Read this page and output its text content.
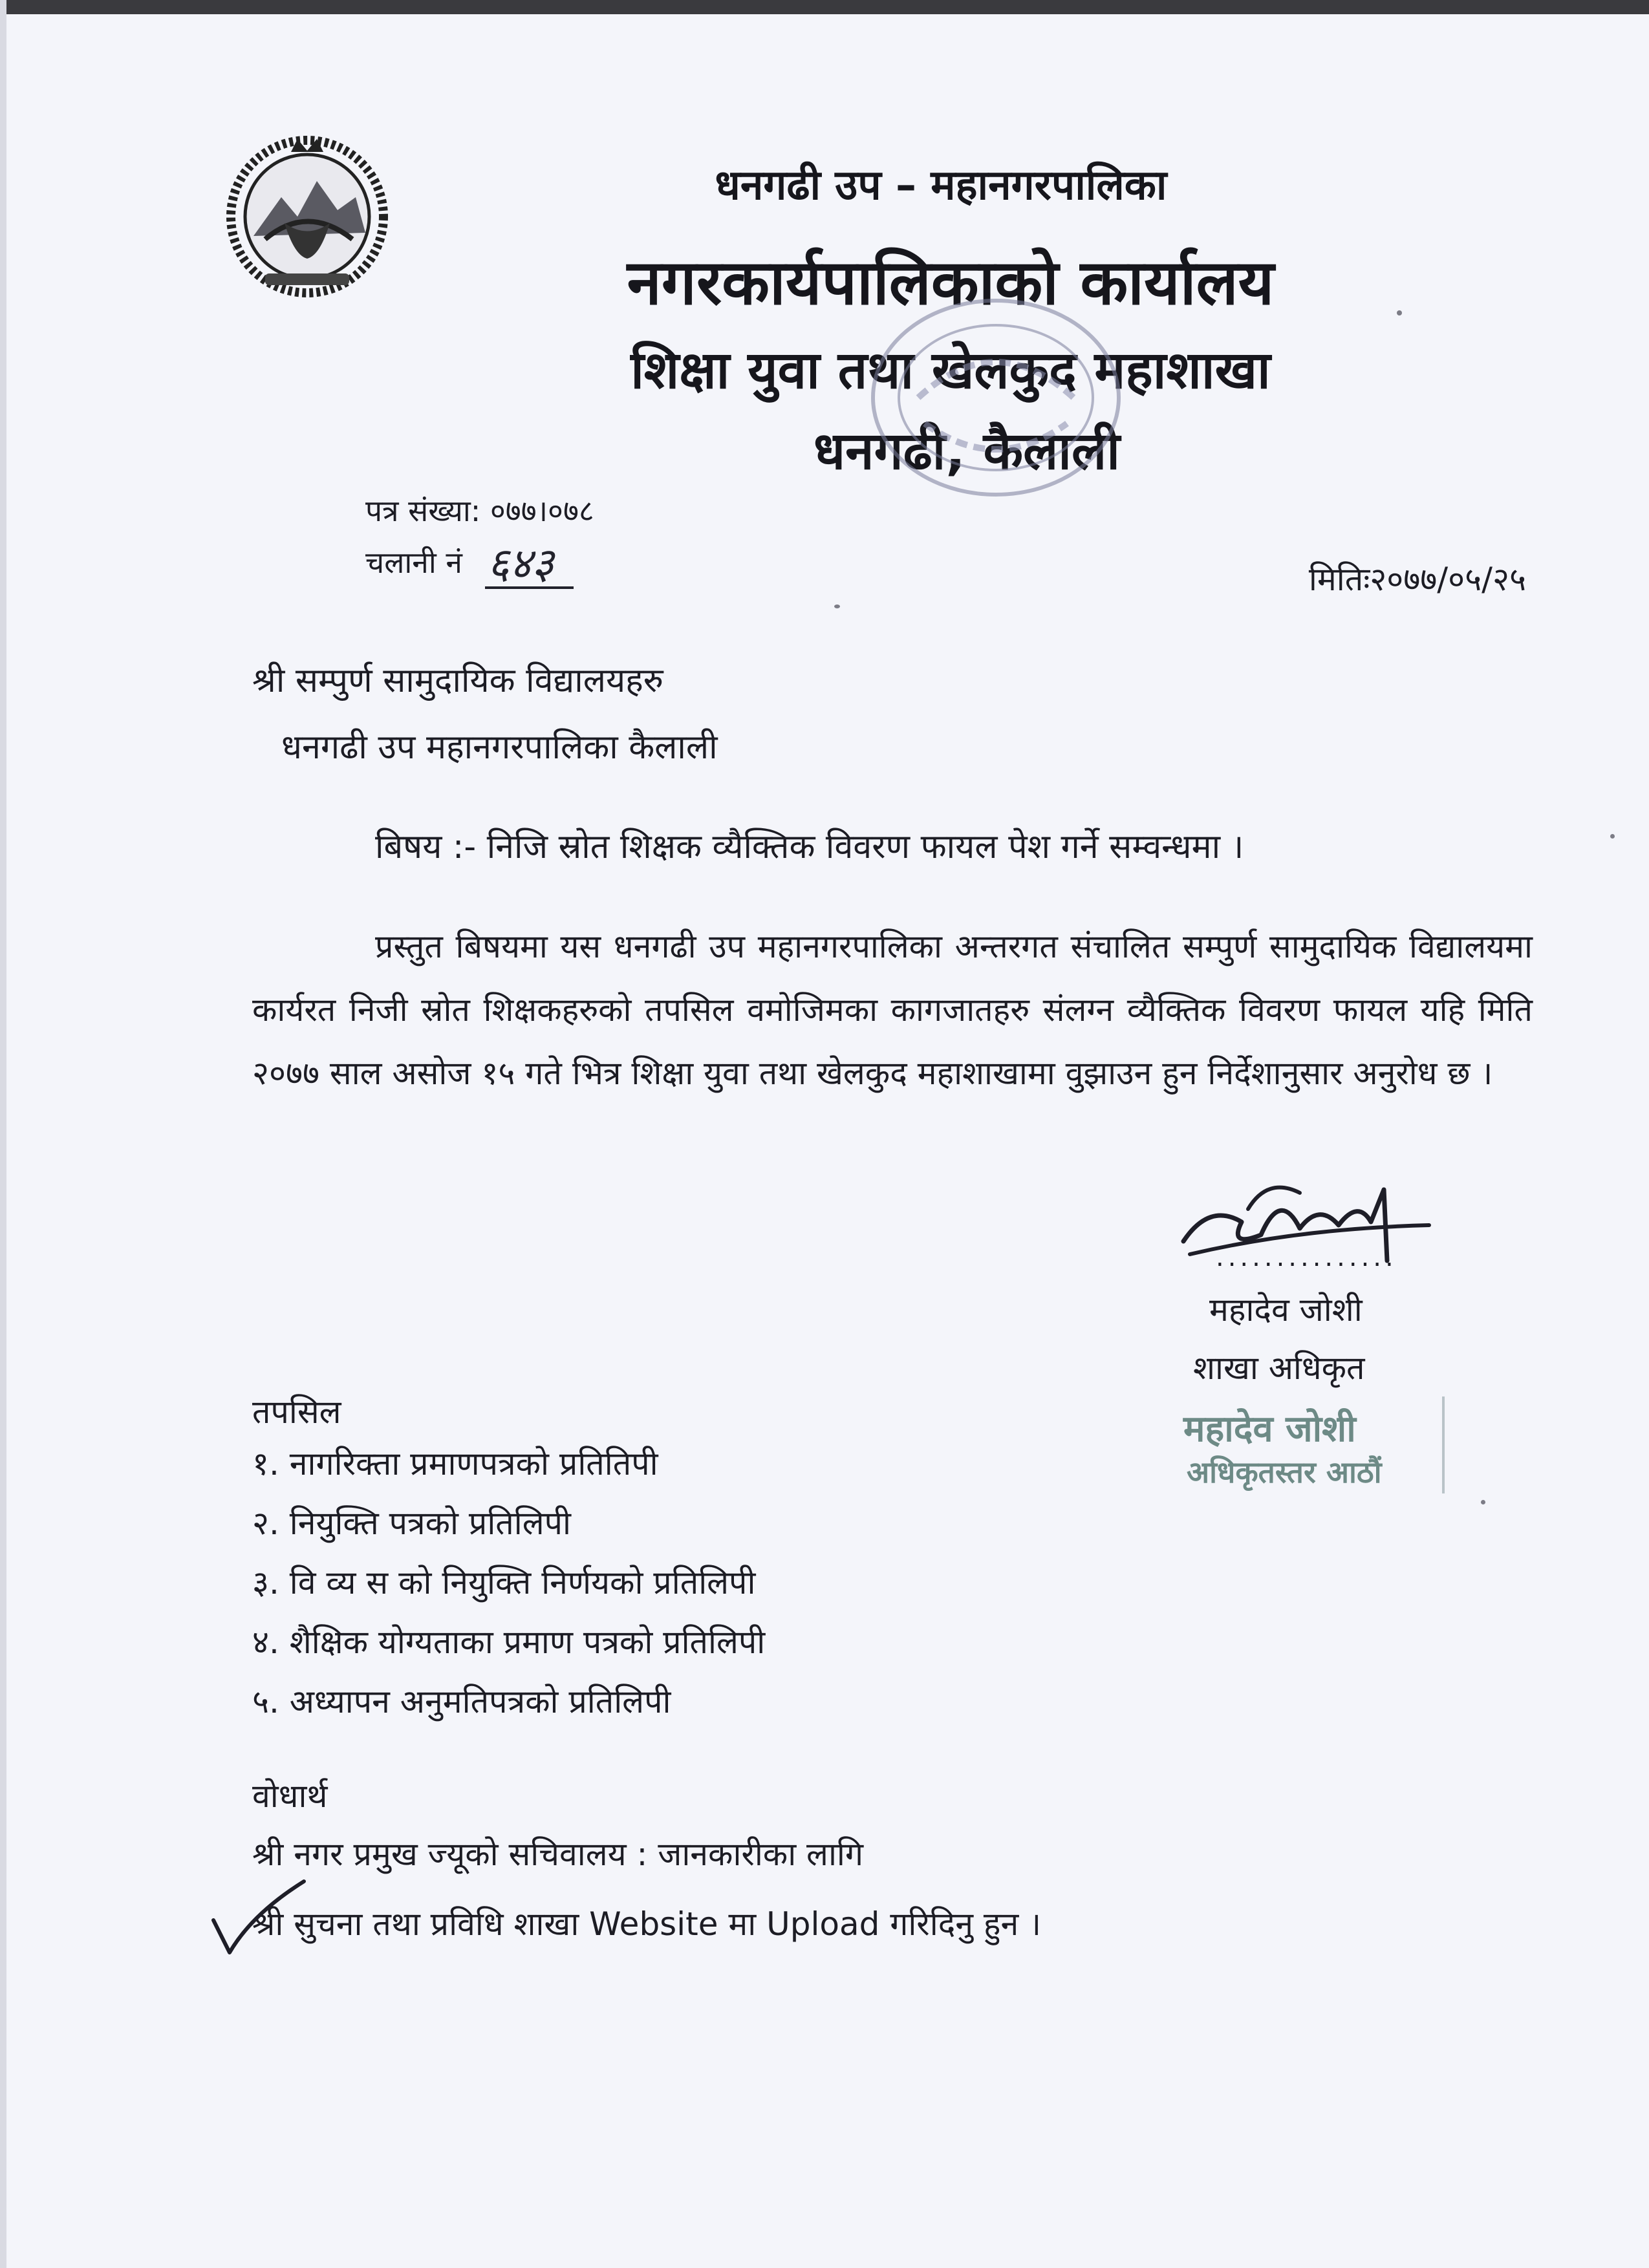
धनगढी उप – महानगरपालिका
नगरकार्यपालिकाको कार्यालय
शिक्षा युवा तथा खेलकुद महाशाखा
धनगढी, कैलाली
पत्र संख्या: ०७७।०७८
चलानी नं ६४३	मितिः२०७७/०५/२५
श्री सम्पुर्ण सामुदायिक विद्यालयहरु
धनगढी उप महानगरपालिका कैलाली
बिषय :- निजि स्रोत शिक्षक व्यैक्तिक विवरण फायल पेश गर्ने सम्वन्धमा ।
प्रस्तुत बिषयमा यस धनगढी उप महानगरपालिका अन्तरगत संचालित सम्पुर्ण सामुदायिक विद्यालयमा कार्यरत निजी स्रोत शिक्षकहरुको तपसिल वमोजिमका कागजातहरु संलग्न व्यैक्तिक विवरण फायल यहि मिति २०७७ साल असोज १५ गते भित्र शिक्षा युवा तथा खेलकुद महाशाखामा वुझाउन हुन निर्देशानुसार अनुरोध छ ।
...............
महादेव जोशी
शाखा अधिकृत
महादेव जोशी
अधिकृतस्तर आठौं
तपसिल
१. नागरिक्ता प्रमाणपत्रको प्रतितिपी
२. नियुक्ति पत्रको प्रतिलिपी
३. वि व्य स को नियुक्ति निर्णयको प्रतिलिपी
४. शैक्षिक योग्यताका प्रमाण पत्रको प्रतिलिपी
५. अध्यापन अनुमतिपत्रको प्रतिलिपी
वोधार्थ
श्री नगर प्रमुख ज्यूको सचिवालय : जानकारीका लागि
श्री सुचना तथा प्रविधि शाखा Website मा Upload गरिदिनु हुन ।
